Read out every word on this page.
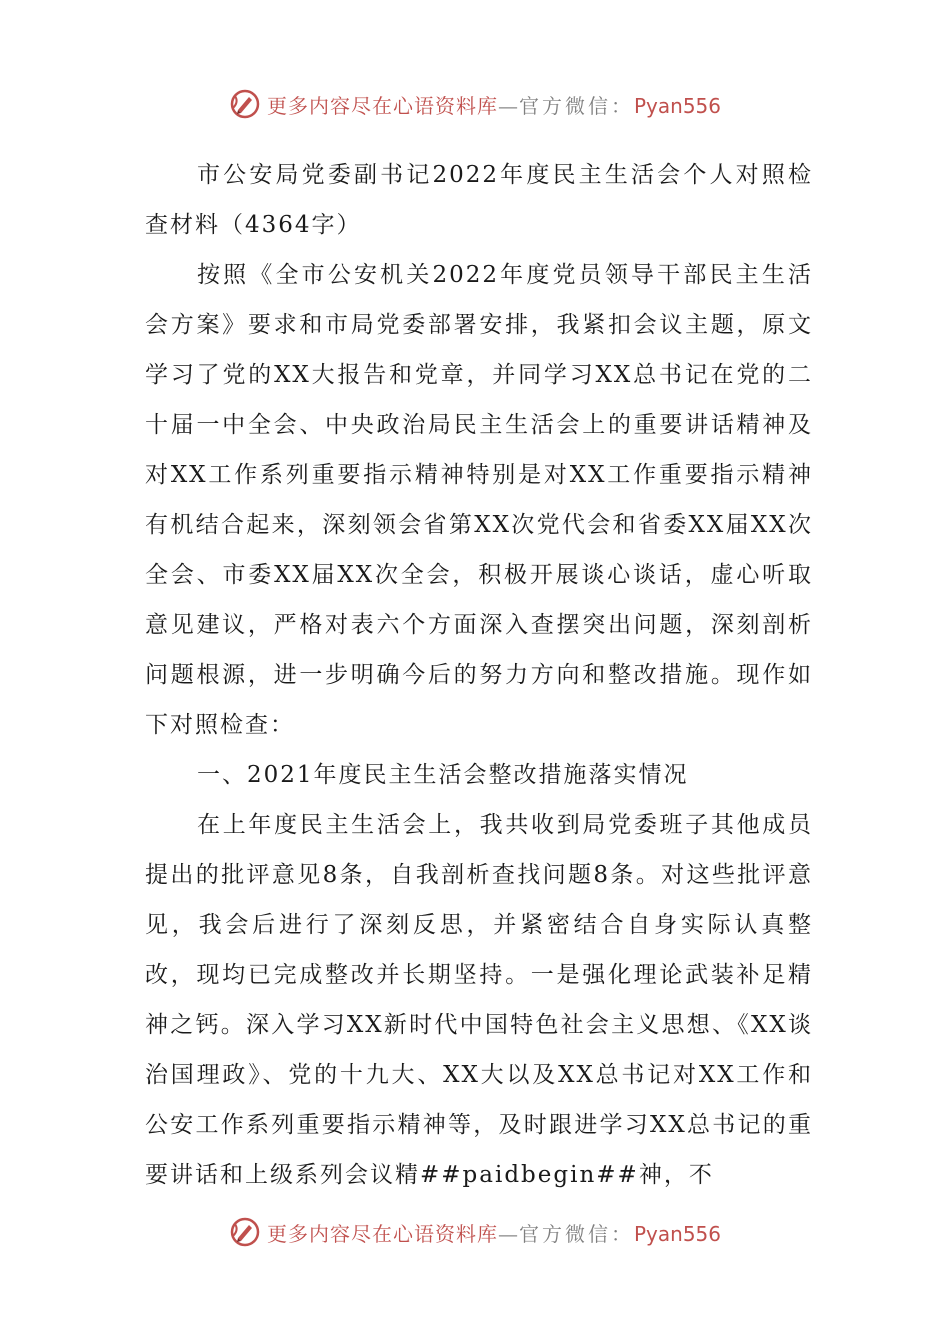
更多内容尽在心语资料库—官方微信：Pyan556

市公安局党委副书记2022年度民主生活会个人对照检查材料（4364字）

按照《全市公安机关2022年度党员领导干部民主生活会方案》要求和市局党委部署安排，我紧扣会议主题，原文学习了党的XX大报告和党章，并同学习XX总书记在党的二十届一中全会、中央政治局民主生活会上的重要讲话精神及对XX工作系列重要指示精神特别是对XX工作重要指示精神有机结合起来，深刻领会省第XX次党代会和省委XX届XX次全会、市委XX届XX次全会，积极开展谈心谈话，虚心听取意见建议，严格对表六个方面深入查摆突出问题，深刻剖析问题根源，进一步明确今后的努力方向和整改措施。现作如下对照检查：

一、2021年度民主生活会整改措施落实情况

在上年度民主生活会上，我共收到局党委班子其他成员提出的批评意见8条，自我剖析查找问题8条。对这些批评意见，我会后进行了深刻反思，并紧密结合自身实际认真整改，现均已完成整改并长期坚持。一是强化理论武装补足精神之钙。深入学习XX新时代中国特色社会主义思想、《XX谈治国理政》、党的十九大、XX大以及XX总书记对XX工作和公安工作系列重要指示精神等，及时跟进学习XX总书记的重要讲话和上级系列会议精##paidbegin##神，不

更多内容尽在心语资料库—官方微信：Pyan556
